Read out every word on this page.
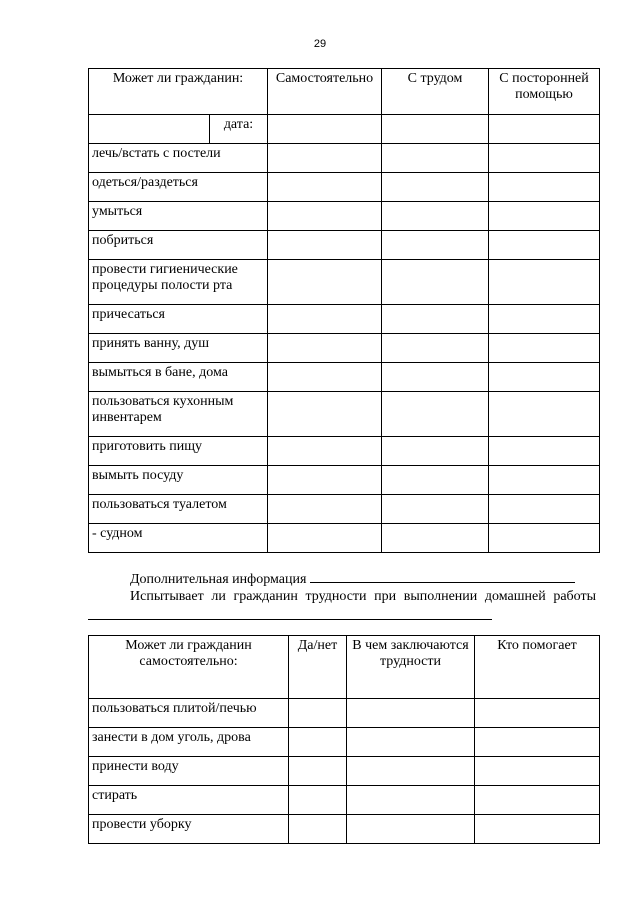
29
Может ли гражданин:		Самостоятельно	С трудом	С посторонней помощью
	дата:			
лечь/встать с постели				
одеться/раздеться				
умыться				
побриться				
провести гигиенические процедуры полости рта				
причесаться				
принять ванну, душ				
вымыться в бане, дома				
пользоваться кухонным инвентарем				
приготовить пищу				
вымыть посуду				
пользоваться туалетом				
- судном				
Дополнительная информация
Испытывает ли гражданин трудности при выполнении домашней работы
Может ли гражданин самостоятельно:	Да/нет	В чем заключаются трудности	Кто помогает
пользоваться плитой/печью			
занести в дом уголь, дрова			
принести воду			
стирать			
провести уборку			
